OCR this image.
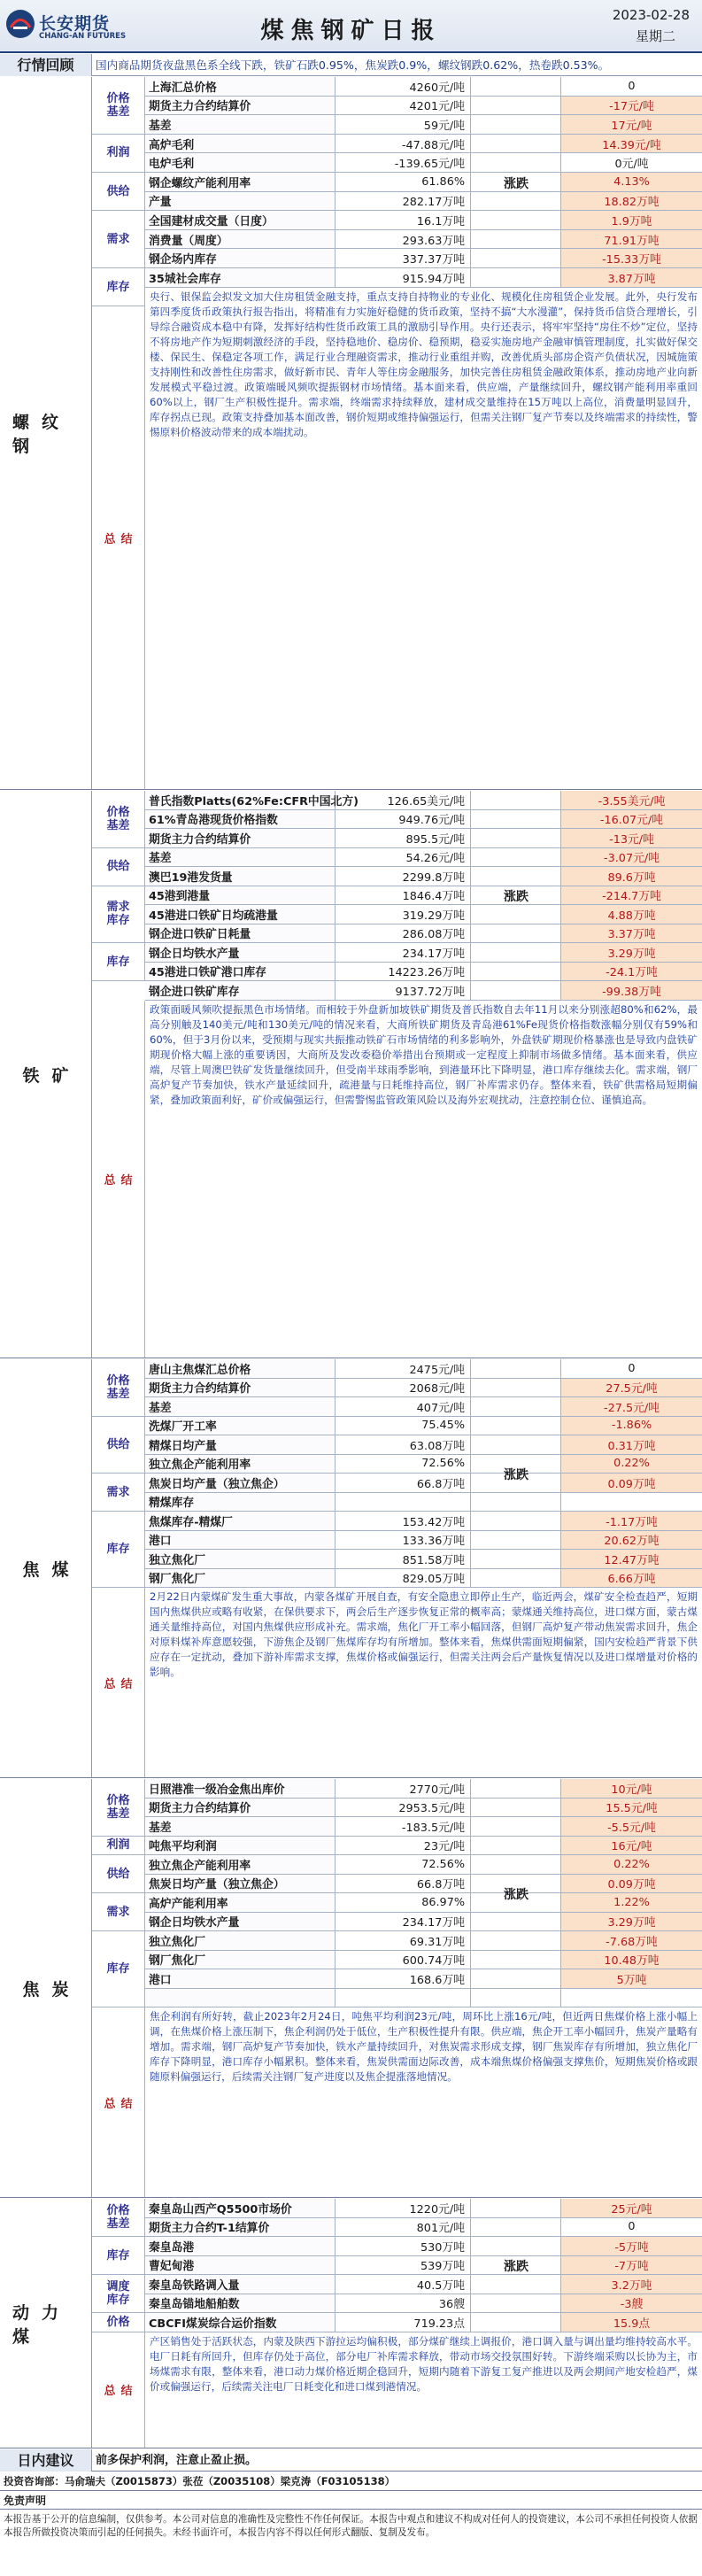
长安期货
CHANG-AN FUTURES	煤焦钢矿日报
2023-02-28
星期二
行情回顾	国内商品期货夜盘黑色系全线下跌，铁矿石跌0.95%，焦炭跌0.9%，螺纹钢跌0.62%，热卷跌0.53%。
螺纹钢
价格
基差
利润
供给
需求
库存
上海汇总价格	4260元/吨	0
期货主力合约结算价	4201元/吨	-17元/吨
基差	59元/吨	17元/吨
高炉毛利	-47.88元/吨	14.39元/吨
电炉毛利	-139.65元/吨	0元/吨
钢企螺纹产能利用率	61.86%	4.13%
产量	282.17万吨	18.82万吨
全国建材成交量（日度）	16.1万吨	1.9万吨
消费量（周度）	293.63万吨	71.91万吨
钢企场内库存	337.37万吨	-15.33万吨
35城社会库存	915.94万吨	3.87万吨
涨跌
总结
央行、银保监会拟发文加大住房租赁金融支持，重点支持自持物业的专业化、规模化住房租赁企业发展。此外，央行发布第四季度货币政策执行报告指出，将精准有力实施好稳健的货币政策，坚持不搞“大水漫灌”，保持货币信贷合理增长，引导综合融资成本稳中有降，发挥好结构性货币政策工具的激励引导作用。央行还表示，将牢牢坚持“房住不炒”定位，坚持不将房地产作为短期刺激经济的手段，坚持稳地价、稳房价、稳预期，稳妥实施房地产金融审慎管理制度，扎实做好保交楼、保民生、保稳定各项工作，满足行业合理融资需求，推动行业重组并购，改善优质头部房企资产负债状况，因城施策支持刚性和改善性住房需求，做好新市民、青年人等住房金融服务，加快完善住房租赁金融政策体系，推动房地产业向新发展模式平稳过渡。政策端暖风频吹提振钢材市场情绪。基本面来看，供应端，产量继续回升，螺纹钢产能利用率重回60%以上，钢厂生产积极性提升。需求端，终端需求持续释放，建材成交量维持在15万吨以上高位，消费量明显回升，库存拐点已现。政策支持叠加基本面改善，钢价短期或维持偏强运行，但需关注钢厂复产节奏以及终端需求的持续性，警惕原料价格波动带来的成本端扰动。
铁矿
价格
基差
供给
需求
库存
库存
普氏指数Platts(62%Fe:CFR中国北方)	126.65美元/吨	-3.55美元/吨
61%青岛港现货价格指数	949.76元/吨	-16.07元/吨
期货主力合约结算价	895.5元/吨	-13元/吨
基差	54.26元/吨	-3.07元/吨
澳巴19港发货量	2299.8万吨	89.6万吨
45港到港量	1846.4万吨	-214.7万吨
45港进口铁矿日均疏港量	319.29万吨	4.88万吨
钢企进口铁矿日耗量	286.08万吨	3.37万吨
钢企日均铁水产量	234.17万吨	3.29万吨
45港进口铁矿港口库存	14223.26万吨	-24.1万吨
钢企进口铁矿库存	9137.72万吨	-99.38万吨
涨跌
总结
政策面暖风频吹提振黑色市场情绪。而相较于外盘新加坡铁矿期货及普氏指数自去年11月以来分别涨超80%和62%，最高分别触及140美元/吨和130美元/吨的情况来看，大商所铁矿期货及青岛港61%Fe现货价格指数涨幅分别仅有59%和60%，但于3月份以来，受预期与现实共振推动铁矿石市场情绪的利多影响外，外盘铁矿期现价格暴涨也是导致内盘铁矿期现价格大幅上涨的重要诱因，大商所及发改委稳价举措出台预期或一定程度上抑制市场做多情绪。基本面来看，供应端，尽管上周澳巴铁矿发货量继续回升，但受南半球雨季影响，到港量环比下降明显，港口库存继续去化。需求端，钢厂高炉复产节奏加快，铁水产量延续回升，疏港量与日耗维持高位，钢厂补库需求仍存。整体来看，铁矿供需格局短期偏紧，叠加政策面利好，矿价或偏强运行，但需警惕监管政策风险以及海外宏观扰动，注意控制仓位、谨慎追高。
焦煤
价格
基差
供给
需求
库存
唐山主焦煤汇总价格	2475元/吨	0
期货主力合约结算价	2068元/吨	27.5元/吨
基差	407元/吨	-27.5元/吨
洗煤厂开工率	75.45%	-1.86%
精煤日均产量	63.08万吨	0.31万吨
独立焦企产能利用率	72.56%	0.22%
焦炭日均产量（独立焦企）	66.8万吨	0.09万吨
精煤库存
焦煤库存-精煤厂	153.42万吨	-1.17万吨
港口	133.36万吨	20.62万吨
独立焦化厂	851.58万吨	12.47万吨
钢厂焦化厂	829.05万吨	6.66万吨
涨跌
总结
2月22日内蒙煤矿发生重大事故，内蒙各煤矿开展自查，有安全隐患立即停止生产，临近两会，煤矿安全检查趋严，短期国内焦煤供应或略有收紧，在保供要求下，两会后生产逐步恢复正常的概率高；蒙煤通关维持高位，进口煤方面，蒙古煤通关量维持高位，对国内焦煤供应形成补充。需求端，焦化厂开工率小幅回落，但钢厂高炉复产带动焦炭需求回升，焦企对原料煤补库意愿较强，下游焦企及钢厂焦煤库存均有所增加。整体来看，焦煤供需面短期偏紧，国内安检趋严背景下供应存在一定扰动，叠加下游补库需求支撑，焦煤价格或偏强运行，但需关注两会后产量恢复情况以及进口煤增量对价格的影响。
焦炭
价格
基差
利润
供给
需求
库存
日照港准一级冶金焦出库价	2770元/吨	10元/吨
期货主力合约结算价	2953.5元/吨	15.5元/吨
基差	-183.5元/吨	-5.5元/吨
吨焦平均利润	23元/吨	16元/吨
独立焦企产能利用率	72.56%	0.22%
焦炭日均产量（独立焦企）	66.8万吨	0.09万吨
高炉产能利用率	86.97%	1.22%
钢企日均铁水产量	234.17万吨	3.29万吨
独立焦化厂	69.31万吨	-7.68万吨
钢厂焦化厂	600.74万吨	10.48万吨
港口	168.6万吨	5万吨
涨跌
总结
焦企利润有所好转，截止2023年2月24日，吨焦平均利润23元/吨，周环比上涨16元/吨，但近两日焦煤价格上涨小幅上调，在焦煤价格上涨压制下，焦企利润仍处于低位，生产积极性提升有限。供应端，焦企开工率小幅回升，焦炭产量略有增加。需求端，钢厂高炉复产节奏加快，铁水产量持续回升，对焦炭需求形成支撑，钢厂焦炭库存有所增加，独立焦化厂库存下降明显，港口库存小幅累积。整体来看，焦炭供需面边际改善，成本端焦煤价格偏强支撑焦价，短期焦炭价格或跟随原料偏强运行，后续需关注钢厂复产进度以及焦企提涨落地情况。
动力煤
价格
基差
库存
调度
库存
价格
秦皇岛山西产Q5500市场价	1220元/吨	25元/吨
期货主力合约T-1结算价	801元/吨	0
秦皇岛港	530万吨	-5万吨
曹妃甸港	539万吨	-7万吨
秦皇岛铁路调入量	40.5万吨	3.2万吨
秦皇岛锚地船舶数	36艘	-3艘
CBCFI煤炭综合运价指数	719.23点	15.9点
涨跌
总结
产区销售处于活跃状态，内蒙及陕西下游拉运均偏积极，部分煤矿继续上调报价，港口调入量与调出量均维持较高水平。电厂日耗有所回升，但库存仍处于高位，部分电厂补库需求释放，带动市场交投氛围好转。下游终端采购以长协为主，市场煤需求有限，整体来看，港口动力煤价格近期企稳回升，短期内随着下游复工复产推进以及两会期间产地安检趋严，煤价或偏强运行，后续需关注电厂日耗变化和进口煤到港情况。
日内建议	前多保护利润，注意止盈止损。
投资咨询部：马俞瑞夫（Z0015873）张莅（Z0035108）梁克涛（F03105138）
免责声明
本报告基于公开的信息编制，仅供参考。本公司对信息的准确性及完整性不作任何保证。本报告中观点和建议不构成对任何人的投资建议，本公司不承担任何投资人依据本报告所做投资决策而引起的任何损失。未经书面许可，本报告内容不得以任何形式翻版、复制及发布。
